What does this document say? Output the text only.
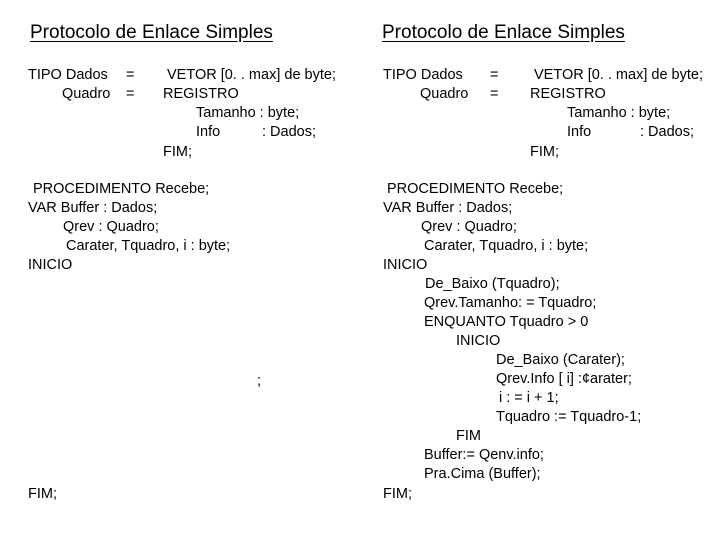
Protocolo de Enlace Simples
TIPO Dados = VETOR [0. . max] de byte;
Quadro = REGISTRO
Tamanho : byte;
Info	: Dados;
FIM;
PROCEDIMENTO Recebe;
VAR Buffer : Dados;
Qrev : Quadro;
Carater, Tquadro, i : byte;
INICIO
;
FIM;
Protocolo de Enlace Simples
TIPO Dados = VETOR [0. . max] de byte;
Quadro = REGISTRO
Tamanho : byte;
Info	: Dados;
FIM;
PROCEDIMENTO Recebe;
VAR Buffer : Dados;
Qrev : Quadro;
Carater, Tquadro, i : byte;
INICIO
De_Baixo (Tquadro);
Qrev.Tamanho: = Tquadro;
ENQUANTO Tquadro > 0
INICIO
De_Baixo (Carater);
Qrev.Info [ i] :¢arater;
i : = i + 1;
Tquadro := Tquadro-1;
FIM
Buffer:= Qenv.info;
Pra.Cima (Buffer);
FIM;
